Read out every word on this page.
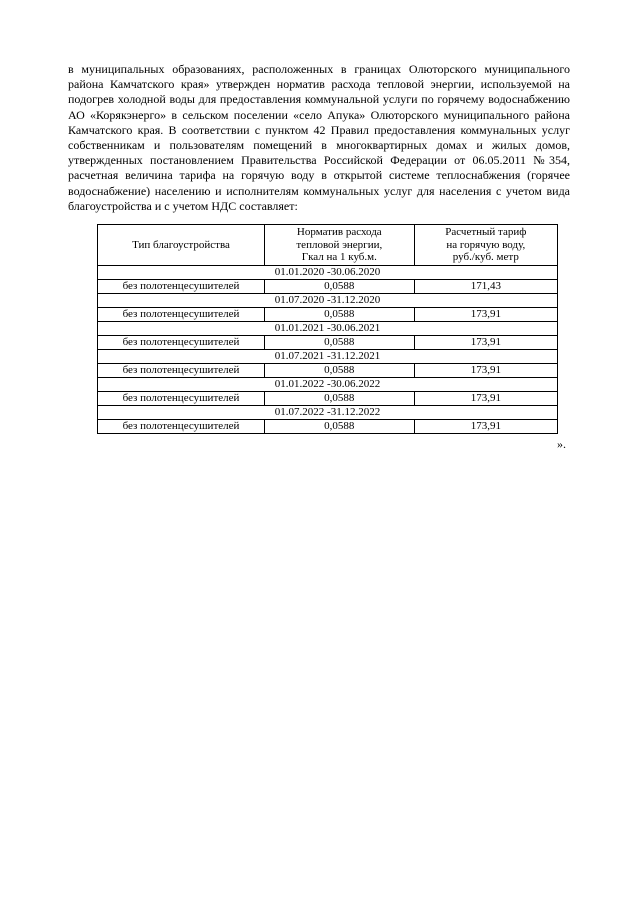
в муниципальных образованиях, расположенных в границах Олюторского муниципального
района Камчатского края» утвержден норматив расхода тепловой энергии, используемой на
подогрев холодной воды для предоставления коммунальной услуги по горячему водоснабжению
АО «Корякэнерго» в сельском поселении «село Апука» Олюторского муниципального района
Камчатского края. В соответствии с пунктом 42 Правил предоставления коммунальных услуг
собственникам и пользователям помещений в многоквартирных домах и жилых домов,
утвержденных постановлением Правительства Российской Федерации от 06.05.2011 №354,
расчетная величина тарифа на горячую воду в открытой системе теплоснабжения (горячее
водоснабжение) населению и исполнителям коммунальных услуг для населения с учетом вида
благоустройства и с учетом НДС составляет:
Тип благоустройства	Норматив расхода
тепловой энергии,
Гкал на 1 куб.м.	Расчетный тариф
на горячую воду,
руб./куб. метр

01.01.2020 -30.06.2020		
без полотенцесушителей	0,0588	171,43
01.07.2020 -31.12.2020		
без полотенцесушителей	0,0588	173,91
01.01.2021 -30.06.2021		
без полотенцесушителей	0,0588	173,91
01.07.2021 -31.12.2021		
без полотенцесушителей	0,0588	173,91
01.01.2022 -30.06.2022		
без полотенцесушителей	0,0588	173,91
01.07.2022 -31.12.2022		
без полотенцесушителей	0,0588	173,91
».
